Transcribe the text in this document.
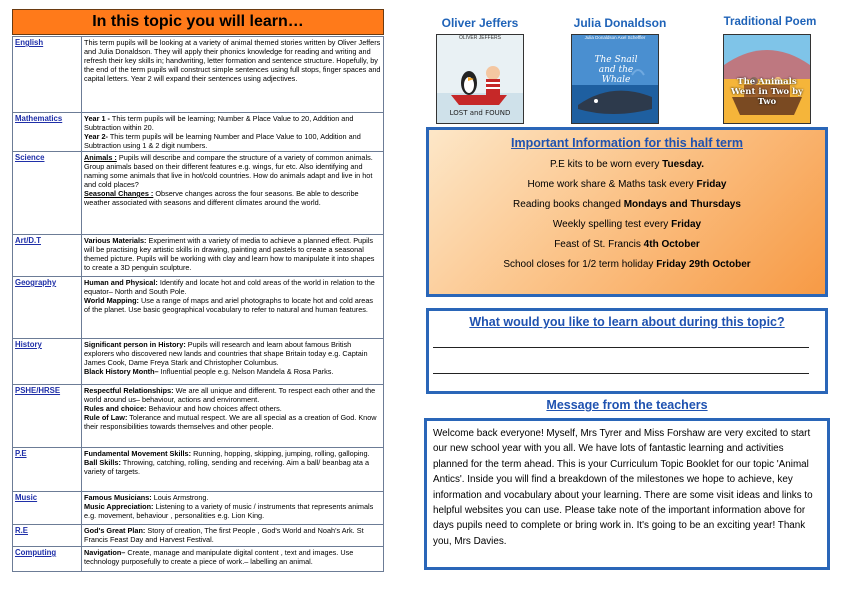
In this topic you will learn…
English	This term pupils will be looking at a variety of animal themed stories written by Oliver Jeffers and Julia Donaldson. They will apply their phonics knowledge for reading and writing and refresh their key skills in; handwriting, letter formation and sentence structure. Hopefully, by the end of the term pupils will construct simple sentences using full stops, finger spaces and capital letters. Year 2 will expand their sentences using adjectives.

Mathematics	Year 1 - This term pupils will be learning; Number & Place Value to 20, Addition and Subtraction within 20.
Year 2- This term pupils will be learning Number and Place Value to 100, Addition and Subtraction using 1 & 2 digit numbers.

Science	Animals : Pupils will describe and compare the structure of a variety of common animals. Group animals based on their different features e.g. wings, fur etc. Also identifying and naming some animals that live in hot/cold countries. How do animals adapt and live in hot and cold places?
Seasonal Changes : Observe changes across the four seasons. Be able to describe weather associated with seasons and different climates around the world.

Art/D.T	Various Materials: Experiment with a variety of media to achieve a planned effect. Pupils will be practising key artistic skills in drawing, painting and pastels to create a seasonal themed picture. Pupils will be working with clay and learn how to manipulate it into shapes to create a 3D penguin sculpture.

Geography	Human and Physical: Identify and locate hot and cold areas of the world in relation to the equator– North and South Pole.
World Mapping: Use a range of maps and ariel photographs to locate hot and cold areas of the planet. Use basic geographical vocabulary to refer to natural and human features.

History	Significant person in History: Pupils will research and learn about famous British explorers who discovered new lands and countries that shape Britain today e.g. Captain James Cook, Dame Freya Stark and Christopher Columbus.
Black History Month– Influential people e.g. Nelson Mandela & Rosa Parks.

PSHE/HRSE	Respectful Relationships: We are all unique and different. To respect each other and the world around us– behaviour, actions and environment.
Rules and choice: Behaviour and how choices affect others.
Rule of Law: Tolerance and mutual respect. We are all special as a creation of God. Know their responsibilities towards themselves and other people.

P.E	Fundamental Movement Skills: Running, hopping, skipping, jumping, rolling, galloping.
Ball Skills: Throwing, catching, rolling, sending and receiving. Aim a ball/ beanbag ata a variety of targets.

Music	Famous Musicians: Louis Armstrong.
Music Appreciation: Listening to a variety of music / instruments that represents animals e.g. movement, behaviour , personalities e.g. Lion King.

R.E	God's Great Plan: Story of creation, The first People , God's World and Noah's Ark. St Francis Feast Day and Harvest Festival.

Computing	Navigation– Create, manage and manipulate digital content , text and images. Use technology purposefully to create a piece of work.– labelling an animal.
Oliver Jeffers	Julia Donaldson	Traditional Poem
OLIVER JEFFERS
LOST and FOUND
Julia Donaldson Axel Scheffler
The Snail and the Whale	The Animals Went in Two by Two
Important Information for this half term
P.E kits to be worn every Tuesday.
Home work share & Maths task every Friday
Reading books changed Mondays and Thursdays
Weekly spelling test every Friday
Feast of St. Francis 4th October
School closes for 1/2 term holiday Friday 29th October
What would you like to learn about during this topic?
Message from the teachers
Welcome back everyone! Myself, Mrs Tyrer and Miss Forshaw are very excited to start our new school year with you all. We have lots of fantastic learning and activities planned for the term ahead. This is your Curriculum Topic Booklet for our topic 'Animal Antics'. Inside you will find a breakdown of the milestones we hope to achieve, key information and vocabulary about your learning. There are some visit ideas and links to helpful websites you can use. Please take note of the important information above for days pupils need to complete or bring work in. It's going to be an exciting year! Thank you, Mrs Davies.
